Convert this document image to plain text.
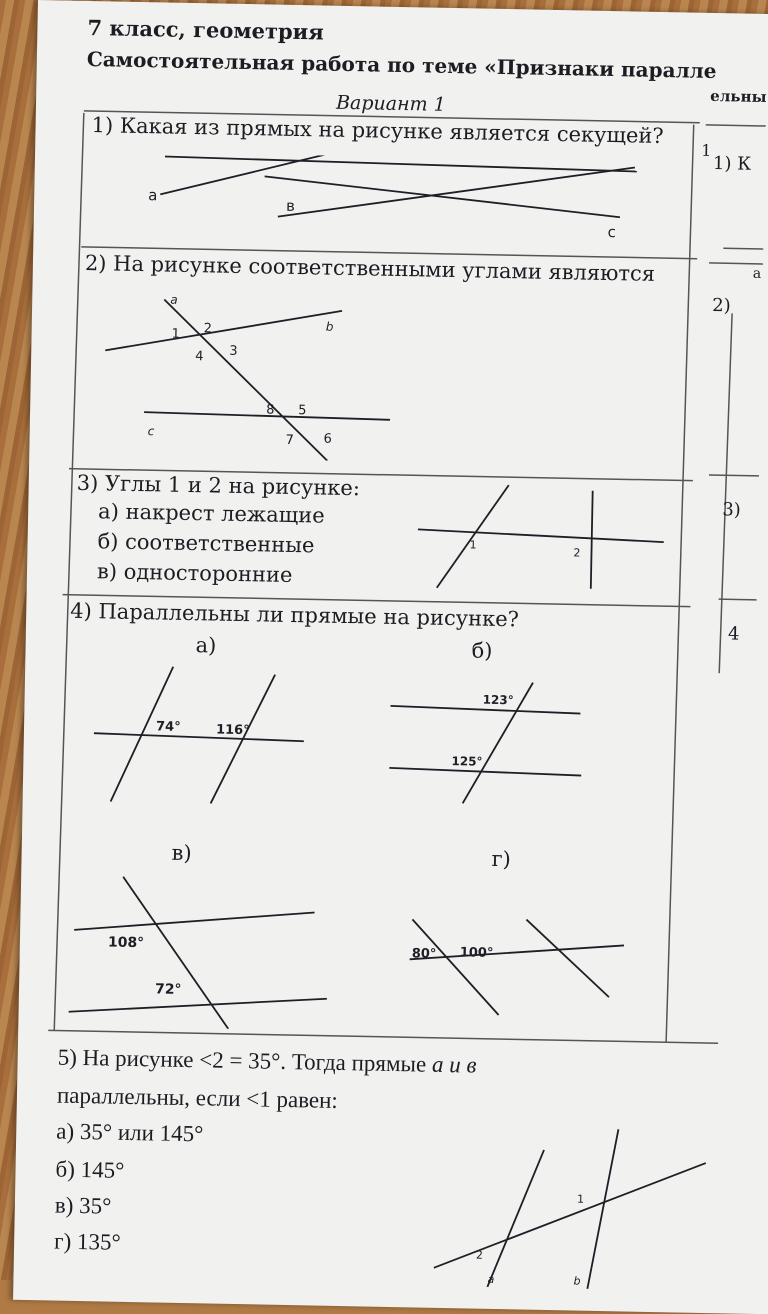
7 класс, геометрия
Самостоятельная работа по теме «Признаки паралле
ельны
Вариант 1
1) Какая из прямых на рисунке является секущей?
а
в
с
2) На рисунке соответственными углами являются
a
b
c
1 2
3
4
5
6
7
8
3) Углы 1 и 2 на рисунке:
а) накрест лежащие
б) соответственные
в) односторонние
1
2
4) Параллельны ли прямые на рисунке?
а)	б)
74°	116°
123°
125°
в)	г)
108°
72°
80° 100°
5) На рисунке <2 = 35°. Тогда прямые а и в
параллельны, если <1 равен:
а) 35° или 145°
б) 145°
в) 35°
г) 135°
1
2
a	b
1
1) К
а
2)
3)
4
